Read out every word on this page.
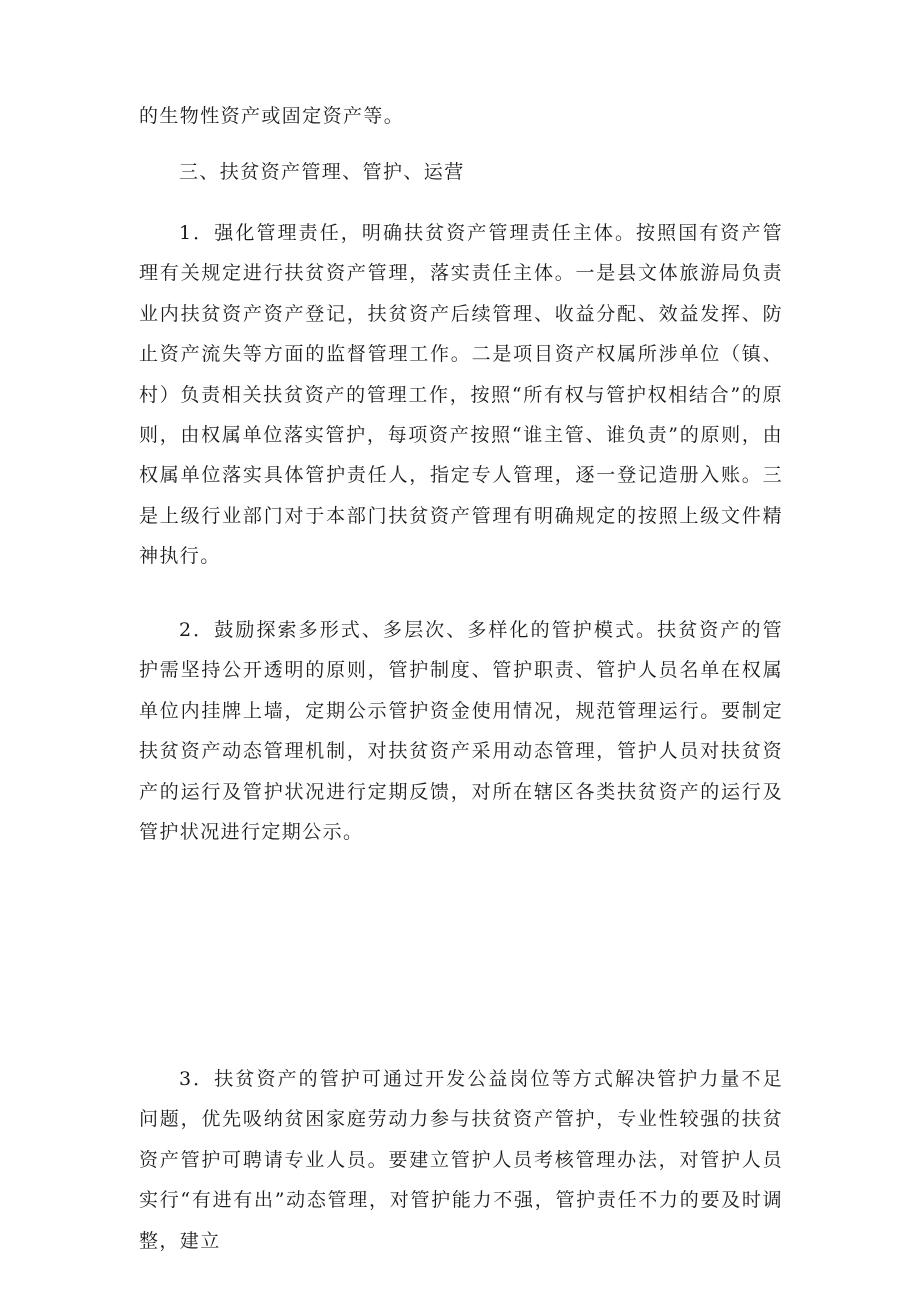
的生物性资产或固定资产等。

三、扶贫资产管理、管护、运营

1．强化管理责任，明确扶贫资产管理责任主体。按照国有资产管理有关规定进行扶贫资产管理，落实责任主体。一是县文体旅游局负责业内扶贫资产资产登记，扶贫资产后续管理、收益分配、效益发挥、防止资产流失等方面的监督管理工作。二是项目资产权属所涉单位（镇、村）负责相关扶贫资产的管理工作，按照“所有权与管护权相结合”的原则，由权属单位落实管护，每项资产按照“谁主管、谁负责”的原则，由权属单位落实具体管护责任人，指定专人管理，逐一登记造册入账。三是上级行业部门对于本部门扶贫资产管理有明确规定的按照上级文件精神执行。

2．鼓励探索多形式、多层次、多样化的管护模式。扶贫资产的管护需坚持公开透明的原则，管护制度、管护职责、管护人员名单在权属单位内挂牌上墙，定期公示管护资金使用情况，规范管理运行。要制定扶贫资产动态管理机制，对扶贫资产采用动态管理，管护人员对扶贫资产的运行及管护状况进行定期反馈，对所在辖区各类扶贫资产的运行及管护状况进行定期公示。

3．扶贫资产的管护可通过开发公益岗位等方式解决管护力量不足问题，优先吸纳贫困家庭劳动力参与扶贫资产管护，专业性较强的扶贫资产管护可聘请专业人员。要建立管护人员考核管理办法，对管护人员实行“有进有出”动态管理，对管护能力不强，管护责任不力的要及时调整，建立
